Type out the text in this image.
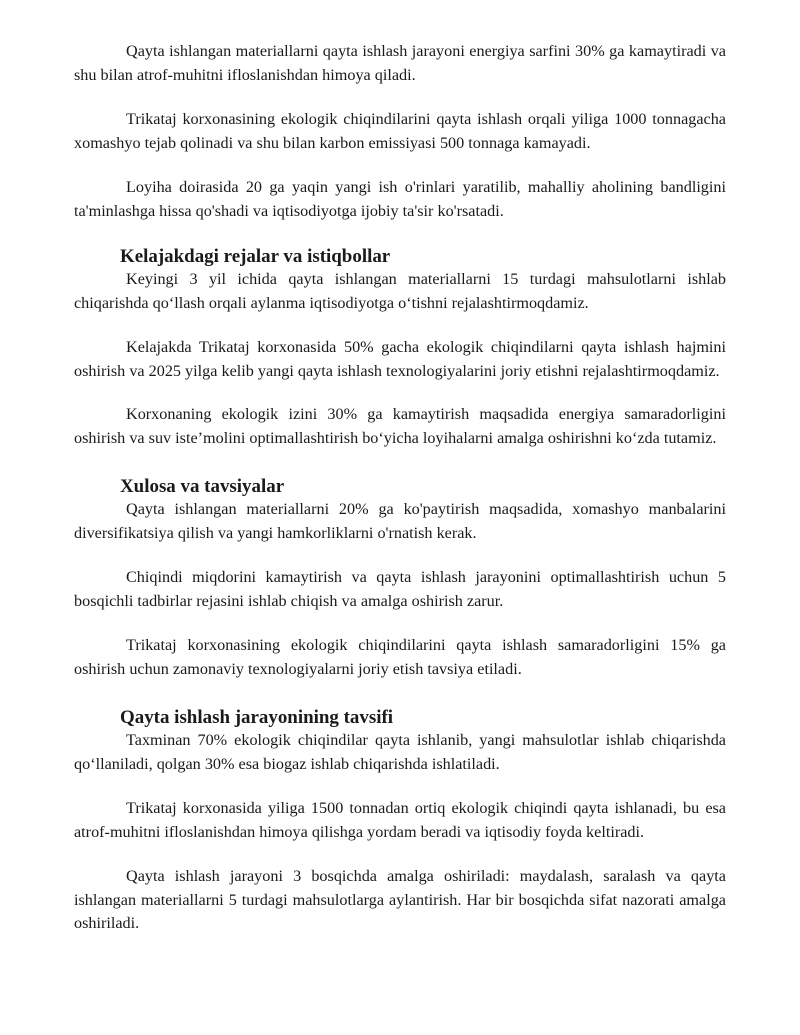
Qayta ishlangan materiallarni qayta ishlash jarayoni energiya sarfini 30% ga kamaytiradi va shu bilan atrof-muhitni ifloslanishdan himoya qiladi.

Trikataj korxonasining ekologik chiqindilarini qayta ishlash orqali yiliga 1000 tonnagacha xomashyo tejab qolinadi va shu bilan karbon emissiyasi 500 tonnaga kamayadi.

Loyiha doirasida 20 ga yaqin yangi ish o'rinlari yaratilib, mahalliy aholining bandligini ta'minlashga hissa qo'shadi va iqtisodiyotga ijobiy ta'sir ko'rsatadi.

Kelajakdagi rejalar va istiqbollar

Keyingi 3 yil ichida qayta ishlangan materiallarni 15 turdagi mahsulotlarni ishlab chiqarishda qo‘llash orqali aylanma iqtisodiyotga o‘tishni rejalashtirmoqdamiz.

Kelajakda Trikataj korxonasida 50% gacha ekologik chiqindilarni qayta ishlash hajmini oshirish va 2025 yilga kelib yangi qayta ishlash texnologiyalarini joriy etishni rejalashtirmoqdamiz.

Korxonaning ekologik izini 30% ga kamaytirish maqsadida energiya samaradorligini oshirish va suv iste’molini optimallashtirish bo‘yicha loyihalarni amalga oshirishni ko‘zda tutamiz.

Xulosa va tavsiyalar

Qayta ishlangan materiallarni 20% ga ko'paytirish maqsadida, xomashyo manbalarini diversifikatsiya qilish va yangi hamkorliklarni o'rnatish kerak.

Chiqindi miqdorini kamaytirish va qayta ishlash jarayonini optimallashtirish uchun 5 bosqichli tadbirlar rejasini ishlab chiqish va amalga oshirish zarur.

Trikataj korxonasining ekologik chiqindilarini qayta ishlash samaradorligini 15% ga oshirish uchun zamonaviy texnologiyalarni joriy etish tavsiya etiladi.

Qayta ishlash jarayonining tavsifi

Taxminan 70% ekologik chiqindilar qayta ishlanib, yangi mahsulotlar ishlab chiqarishda qo‘llaniladi, qolgan 30% esa biogaz ishlab chiqarishda ishlatiladi.

Trikataj korxonasida yiliga 1500 tonnadan ortiq ekologik chiqindi qayta ishlanadi, bu esa atrof-muhitni ifloslanishdan himoya qilishga yordam beradi va iqtisodiy foyda keltiradi.

Qayta ishlash jarayoni 3 bosqichda amalga oshiriladi: maydalash, saralash va qayta ishlangan materiallarni 5 turdagi mahsulotlarga aylantirish. Har bir bosqichda sifat nazorati amalga oshiriladi.
